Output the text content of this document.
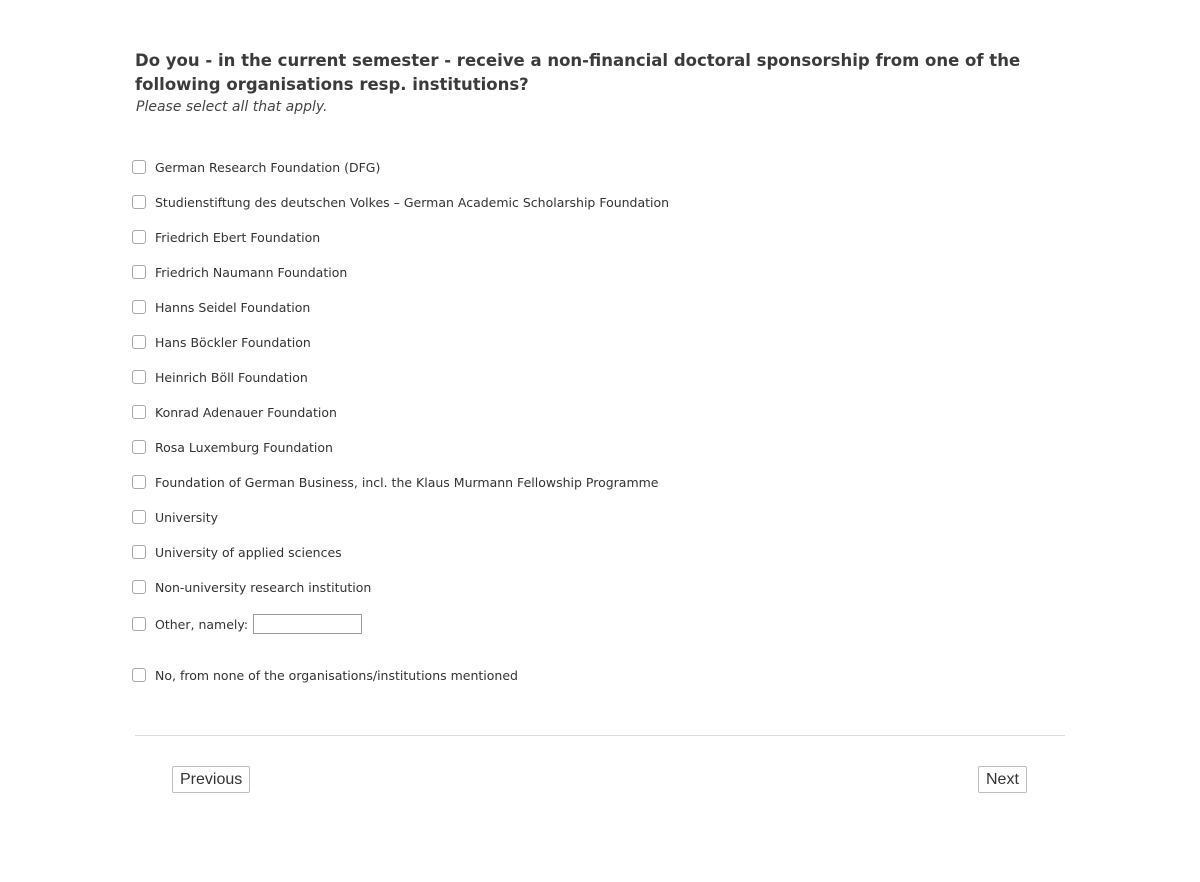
Do you - in the current semester - receive a non-financial doctoral sponsorship from one of the following organisations resp. institutions?
Please select all that apply.
German Research Foundation (DFG)
Studienstiftung des deutschen Volkes – German Academic Scholarship Foundation
Friedrich Ebert Foundation
Friedrich Naumann Foundation
Hanns Seidel Foundation
Hans Böckler Foundation
Heinrich Böll Foundation
Konrad Adenauer Foundation
Rosa Luxemburg Foundation
Foundation of German Business, incl. the Klaus Murmann Fellowship Programme
University
University of applied sciences
Non-university research institution
Other, namely:
No, from none of the organisations/institutions mentioned
Previous	Next
